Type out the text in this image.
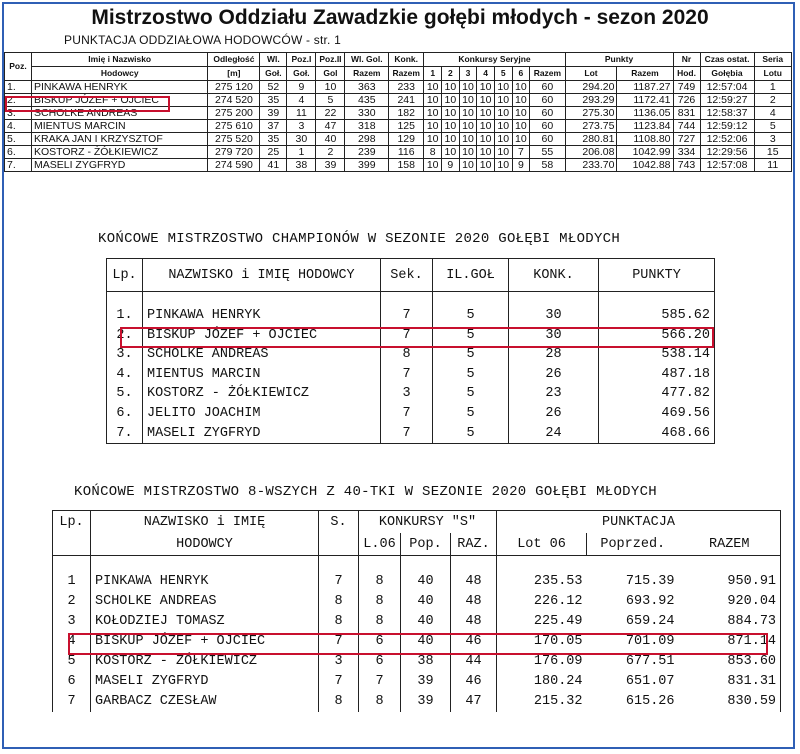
Mistrzostwo Oddziału Zawadzkie gołębi młodych - sezon 2020
PUNKTACJA ODDZIAŁOWA HODOWCÓW - str. 1
Poz.	Imię i Nazwisko	Odległość	Wl.	Poz.I	Poz.II	Wl. Gol.	Konk.	Konkursy Seryjne							Punkty		Nr	Czas ostat.	Seria
	Hodowcy	[m]	Goł.	Goł.	Gol	Razem	Razem	1	2	3	4	5	6	Razem	Lot	Razem	Hod.	Gołębia	Lotu
1.	PINKAWA HENRYK	275 120	52	9	10	363	233	10	10	10	10	10	10	60	294.20	1187.27	749	12:57:04	1
2.	BISKUP JÓZEF + OJCIEC	274 520	35	4	5	435	241	10	10	10	10	10	10	60	293.29	1172.41	726	12:59:27	2
3.	SCHOLKE ANDREAS	275 200	39	11	22	330	182	10	10	10	10	10	10	60	275.30	1136.05	831	12:58:37	4
4.	MIENTUS MARCIN	275 610	37	3	47	318	125	10	10	10	10	10	10	60	273.75	1123.84	744	12:59:12	5
5.	KRAKA JAN I KRZYSZTOF	275 520	35	30	40	298	129	10	10	10	10	10	10	60	280.81	1108.80	727	12:52:06	3
6.	KOSTORZ - ŻÓŁKIEWICZ	279 720	25	1	2	239	116	8	10	10	10	10	7	55	206.08	1042.99	334	12:29:56	15
7.	MASELI ZYGFRYD	274 590	41	38	39	399	158	10	9	10	10	10	9	58	233.70	1042.88	743	12:57:08	11
KOŃCOWE MISTRZOSTWO CHAMPIONÓW W SEZONIE 2020 GOŁĘBI MŁODYCH
Lp.	NAZWISKO i IMIĘ HODOWCY	Sek.	IL.GOŁ	KONK.	PUNKTY

1.	PINKAWA HENRYK	7	5	30	585.62
2.	BISKUP JÓZEF + OJCIEC	7	5	30	566.20
3.	SCHOLKE ANDREAS	8	5	28	538.14
4.	MIENTUS MARCIN	7	5	26	487.18
5.	KOSTORZ - ŻÓŁKIEWICZ	3	5	23	477.82
6.	JELITO JOACHIM	7	5	26	469.56
7.	MASELI ZYGFRYD	7	5	24	468.66
KOŃCOWE MISTRZOSTWO 8-WSZYCH Z 40-TKI W SEZONIE 2020 GOŁĘBI MŁODYCH
Lp.	NAZWISKO i IMIĘ	S.	KONKURSY "S"			PUNKTACJA		
	HODOWCY		L.06	Pop.	RAZ.	Lot 06	Poprzed.	RAZEM

1	PINKAWA HENRYK	7	8	40	48	235.53	715.39	950.91
2	SCHOLKE ANDREAS	8	8	40	48	226.12	693.92	920.04
3	KOŁODZIEJ TOMASZ	8	8	40	48	225.49	659.24	884.73
4	BISKUP JÓZEF + OJCIEC	7	6	40	46	170.05	701.09	871.14
5	KOSTORZ - ŻÓŁKIEWICZ	3	6	38	44	176.09	677.51	853.60
6	MASELI ZYGFRYD	7	7	39	46	180.24	651.07	831.31
7	GARBACZ CZESŁAW	8	8	39	47	215.32	615.26	830.59
